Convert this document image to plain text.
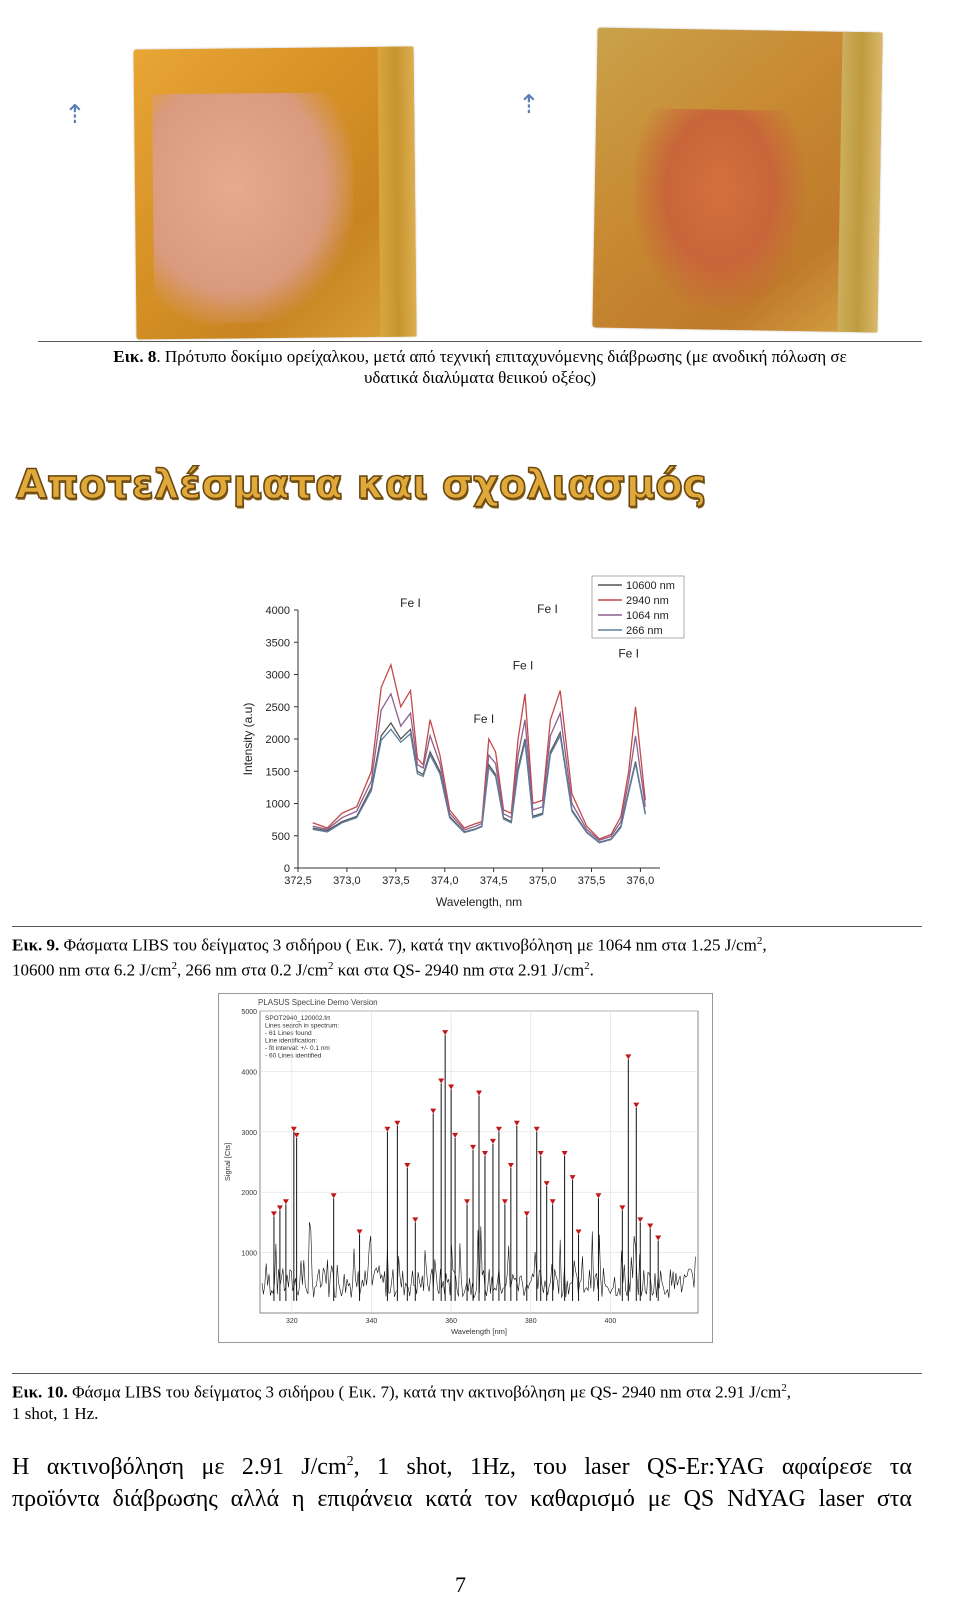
⇡	⇡
Εικ. 8. Πρότυπο δοκίμιο ορείχαλκου, μετά από τεχνική επιταχυνόμενης διάβρωσης (με ανοδική πόλωση σε
υδατικά διαλύματα θειικού οξέος)
Αποτελέσματα και σχολιασμός
0
500
1000
1500
2000
2500
3000
3500
4000
372,5 373,0 373,5 374,0 374,5 375,0 375,5 376,0
Wavelength, nm
Intensity (a.u)
Fe I
Fe I
Fe I
Fe I
Fe I
10600 nm
2940 nm
1064 nm
266 nm
Εικ. 9. Φάσματα LIBS του δείγματος 3 σιδήρου ( Εικ. 7), κατά την ακτινοβόληση με 1064 nm στα 1.25 $J/cm^2$,
10600 nm στα 6.2 $J/cm^2$, 266 nm στα 0.2 $J/cm^2$ και στα QS- 2940 nm στα 2.91 $J/cm^2$.
PLASUS SpecLine Demo Version
SPOT2940_120002.frt
Lines search in spectrum:
- 61 Lines found
Line identification:
- fit interval: +/- 0.1 nm
- 60 Lines identified
1000
2000
3000
4000
5000
320	340	360	380	400
Wavelength [nm]
Signal [Cts]
Εικ. 10. Φάσμα LIBS του δείγματος 3 σιδήρου ( Εικ. 7), κατά την ακτινοβόληση με QS- 2940 nm στα 2.91 $J/cm^2$,
1 shot, 1 Hz.
Η ακτινοβόληση με 2.91 $J/cm^2$, 1 shot, 1Hz, του laser QS-Er:YAG αφαίρεσε τα
προϊόντα διάβρωσης αλλά η επιφάνεια κατά τον καθαρισμό με QS NdYAG laser στα
7
